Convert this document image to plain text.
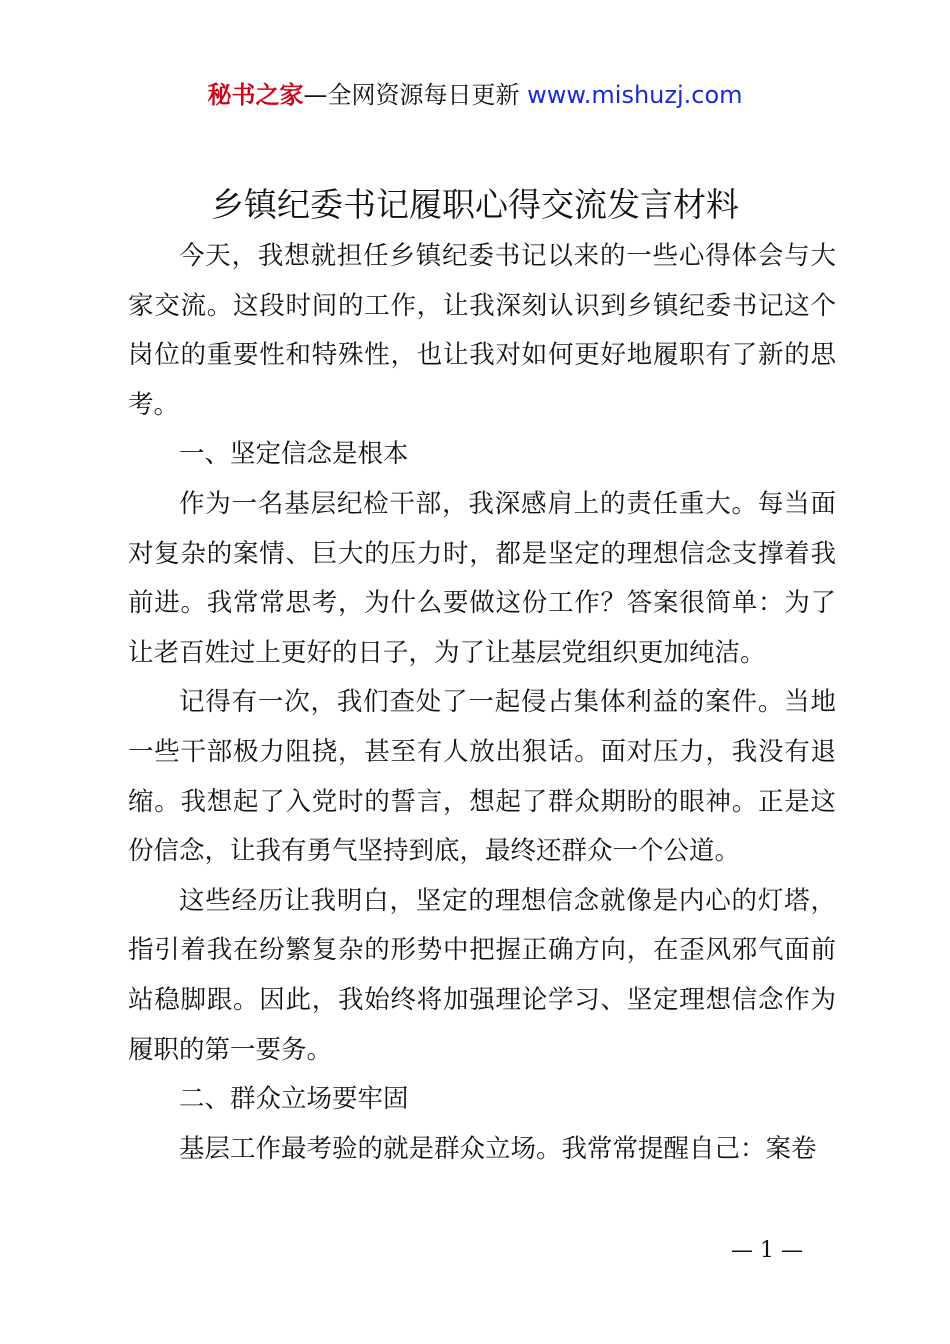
秘书之家—全网资源每日更新 www.mishuzj.com
乡镇纪委书记履职心得交流发言材料

今天，我想就担任乡镇纪委书记以来的一些心得体会与大家交流。这段时间的工作，让我深刻认识到乡镇纪委书记这个岗位的重要性和特殊性，也让我对如何更好地履职有了新的思考。

一、坚定信念是根本

作为一名基层纪检干部，我深感肩上的责任重大。每当面对复杂的案情、巨大的压力时，都是坚定的理想信念支撑着我前进。我常常思考，为什么要做这份工作？答案很简单：为了让老百姓过上更好的日子，为了让基层党组织更加纯洁。

记得有一次，我们查处了一起侵占集体利益的案件。当地一些干部极力阻挠，甚至有人放出狠话。面对压力，我没有退缩。我想起了入党时的誓言，想起了群众期盼的眼神。正是这份信念，让我有勇气坚持到底，最终还群众一个公道。

这些经历让我明白，坚定的理想信念就像是内心的灯塔，指引着我在纷繁复杂的形势中把握正确方向，在歪风邪气面前站稳脚跟。因此，我始终将加强理论学习、坚定理想信念作为履职的第一要务。

二、群众立场要牢固

基层工作最考验的就是群众立场。我常常提醒自己：案卷

— 1 —
